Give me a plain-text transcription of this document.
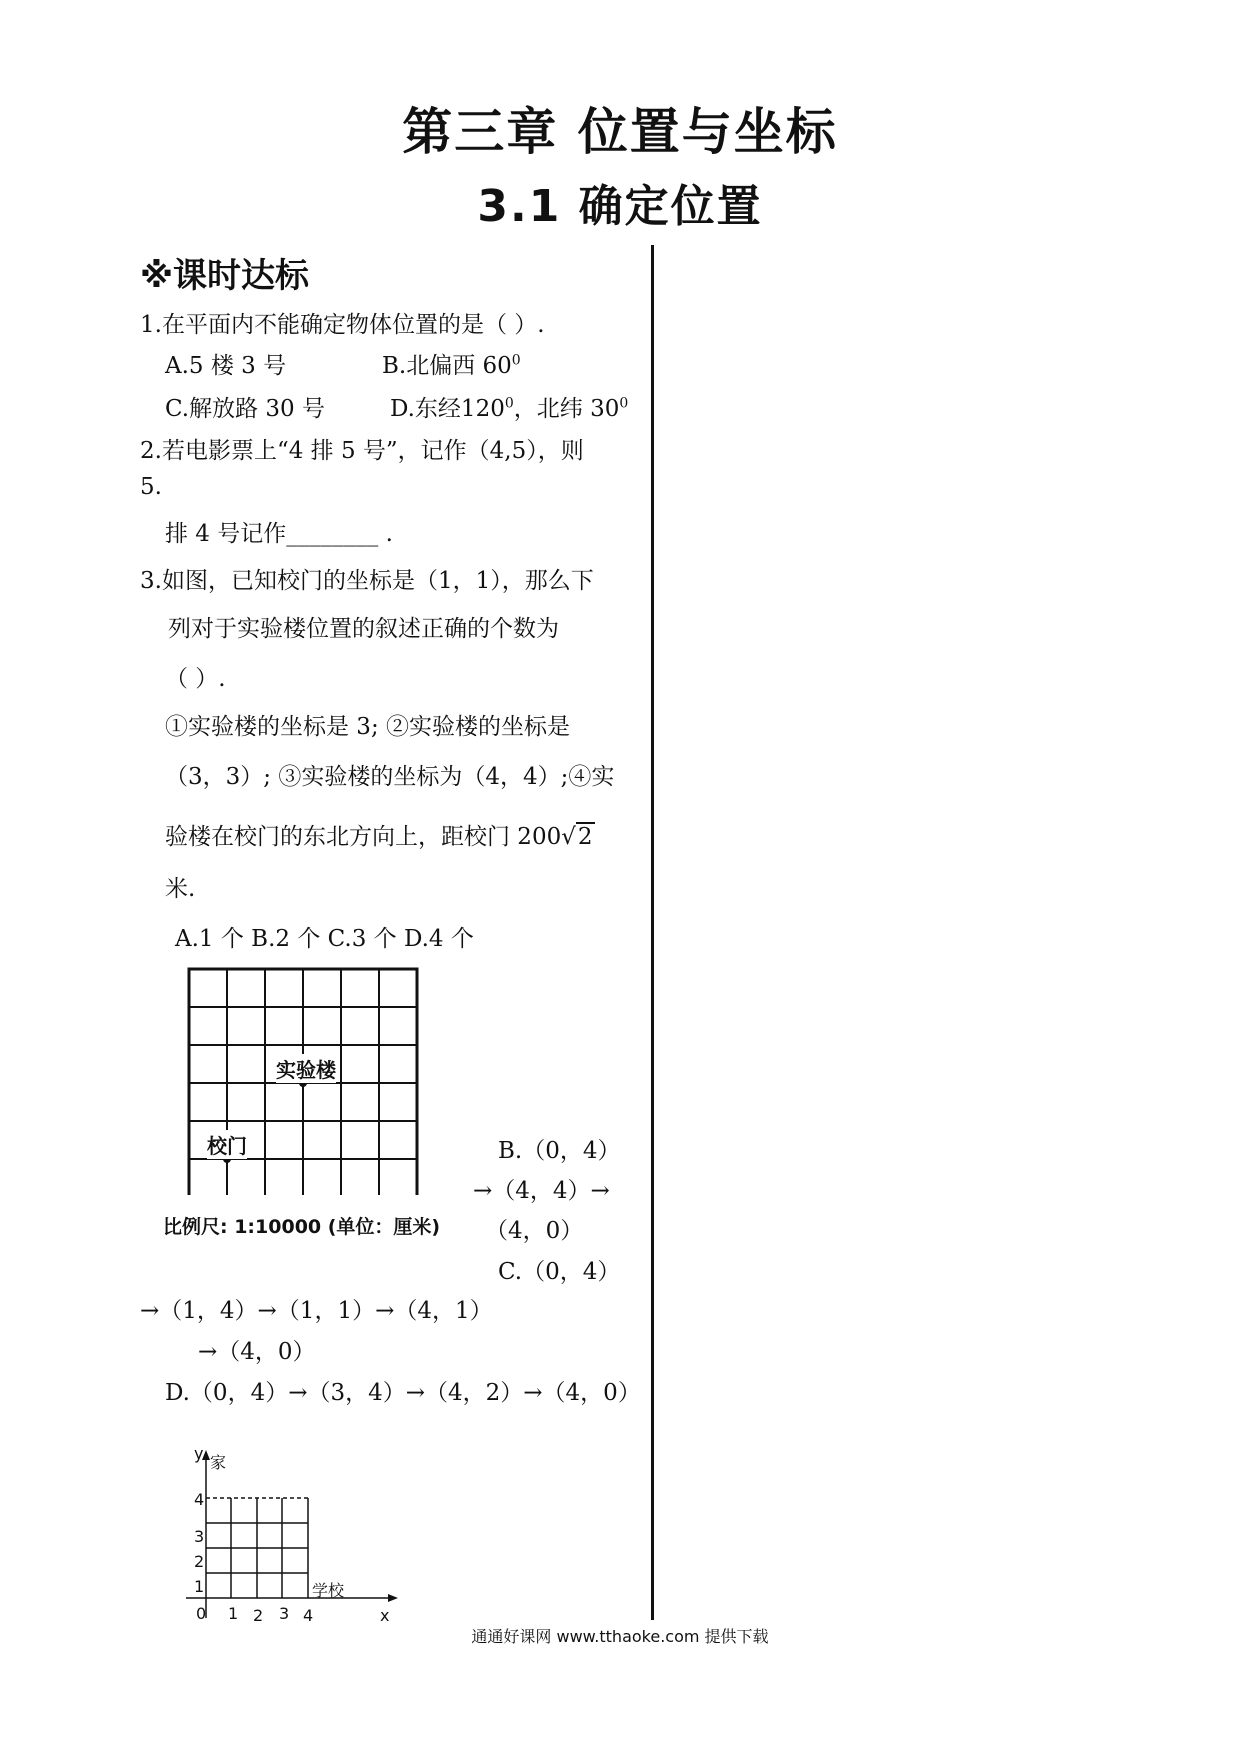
第三章 位置与坐标
3.1 确定位置
※课时达标
1.在平面内不能确定物体位置的是（ ）.
A.5 楼 3 号	B.北偏西 $60^0$
C.解放路 30 号	D.东经$120^0$，北纬 $30^0$
2.若电影票上“4 排 5 号”，记作（4,5），则
5.
排 4 号记作________ .
3.如图，已知校门的坐标是（1，1），那么下
列对于实验楼位置的叙述正确的个数为
（ ）.
①实验楼的坐标是 3; ②实验楼的坐标是
（3，3）; ③实验楼的坐标为（4，4）;④实
验楼在校门的东北方向上，距校门 200√2
米.
A.1 个 B.2 个 C.3 个 D.4 个
实验楼
校门
比例尺: 1:10000 (单位：厘米)
B.（0，4）
→（4，4）→
（4，0）
C.（0，4）
→（1，4）→（1，1）→（4，1）
→（4，0）
D.（0，4）→（3，4）→（4，2）→（4，0）
y
x
家
学校
1
2
3
4
0 1 2 3 4
通通好课网 www.tthaoke.com 提供下载
